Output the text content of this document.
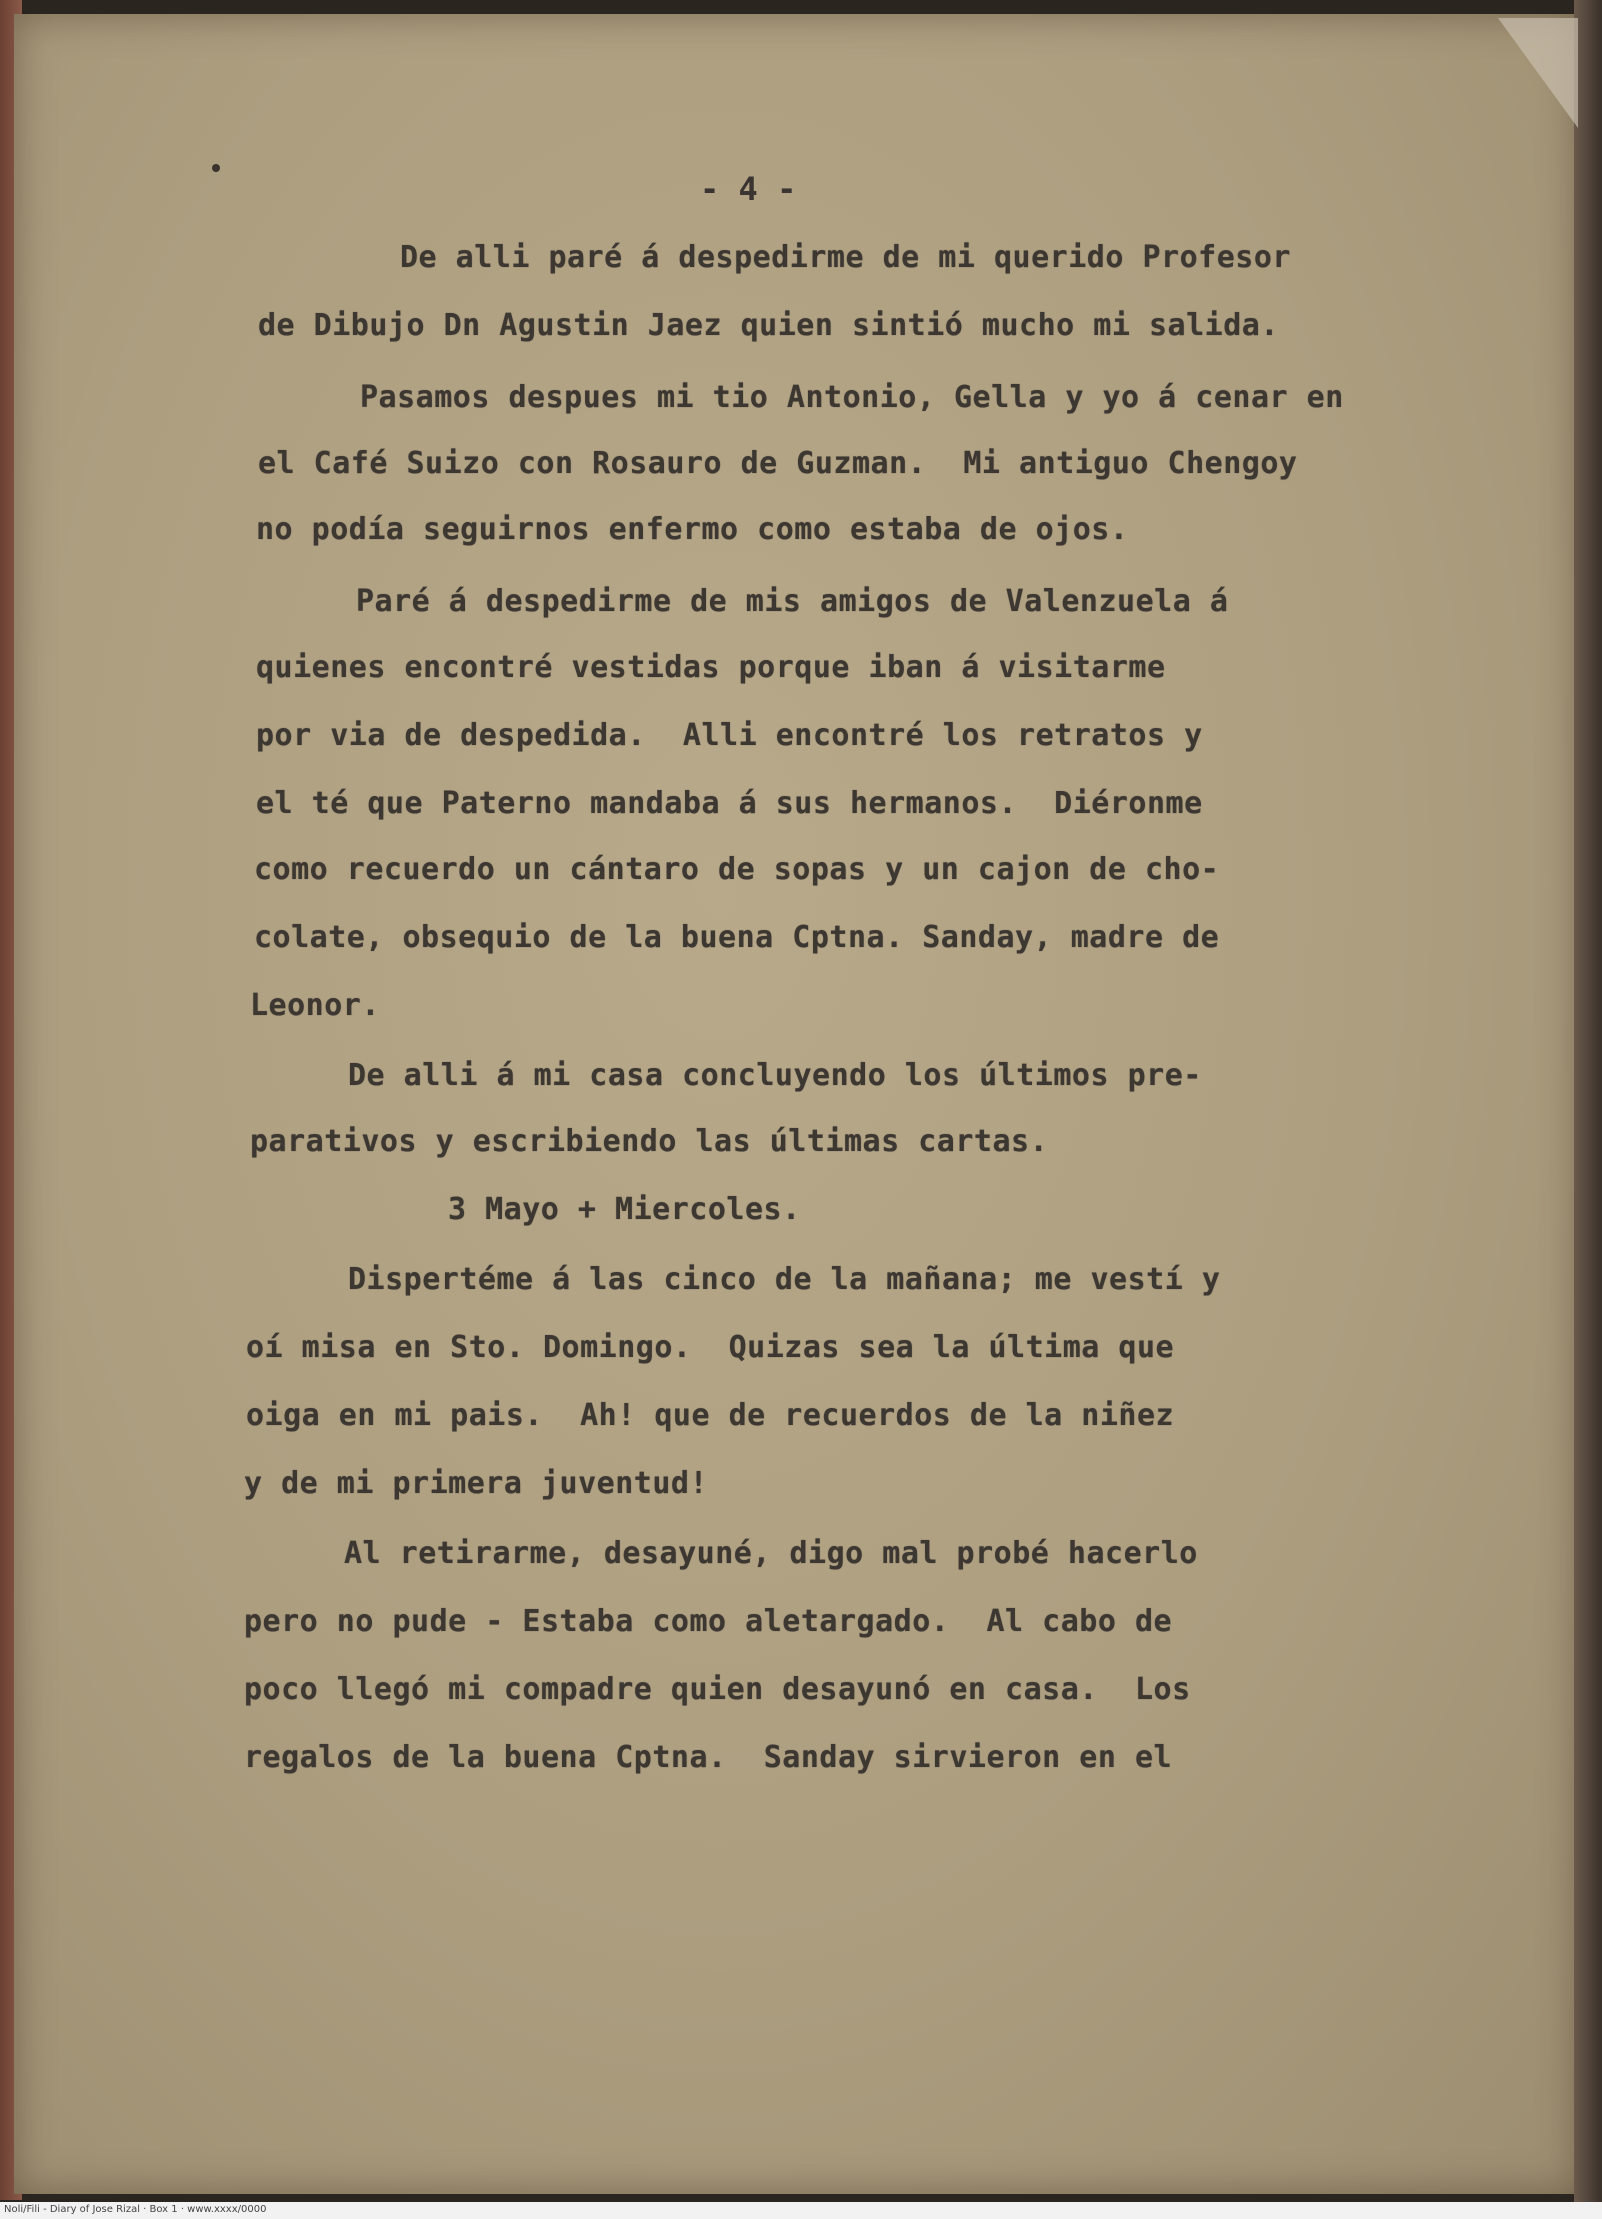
- 4 -
De alli paré á despedirme de mi querido Profesor
de Dibujo Dn Agustin Jaez quien sintió mucho mi salida.
Pasamos despues mi tio Antonio, Gella y yo á cenar en
el Café Suizo con Rosauro de Guzman.  Mi antiguo Chengoy
no podía seguirnos enfermo como estaba de ojos.
Paré á despedirme de mis amigos de Valenzuela á
quienes encontré vestidas porque iban á visitarme
por via de despedida.  Alli encontré los retratos y
el té que Paterno mandaba á sus hermanos.  Diéronme
como recuerdo un cántaro de sopas y un cajon de cho-
colate, obsequio de la buena Cptna. Sanday, madre de
Leonor.
De alli á mi casa concluyendo los últimos pre-
parativos y escribiendo las últimas cartas.
3 Mayo + Miercoles.
Dispertéme á las cinco de la mañana; me vestí y
oí misa en Sto. Domingo.  Quizas sea la última que
oiga en mi pais.  Ah! que de recuerdos de la niñez
y de mi primera juventud!
Al retirarme, desayuné, digo mal probé hacerlo
pero no pude - Estaba como aletargado.  Al cabo de
poco llegó mi compadre quien desayunó en casa.  Los
regalos de la buena Cptna.  Sanday sirvieron en el
Noli/Fili - Diary of Jose Rizal · Box 1 · www.xxxx/0000
